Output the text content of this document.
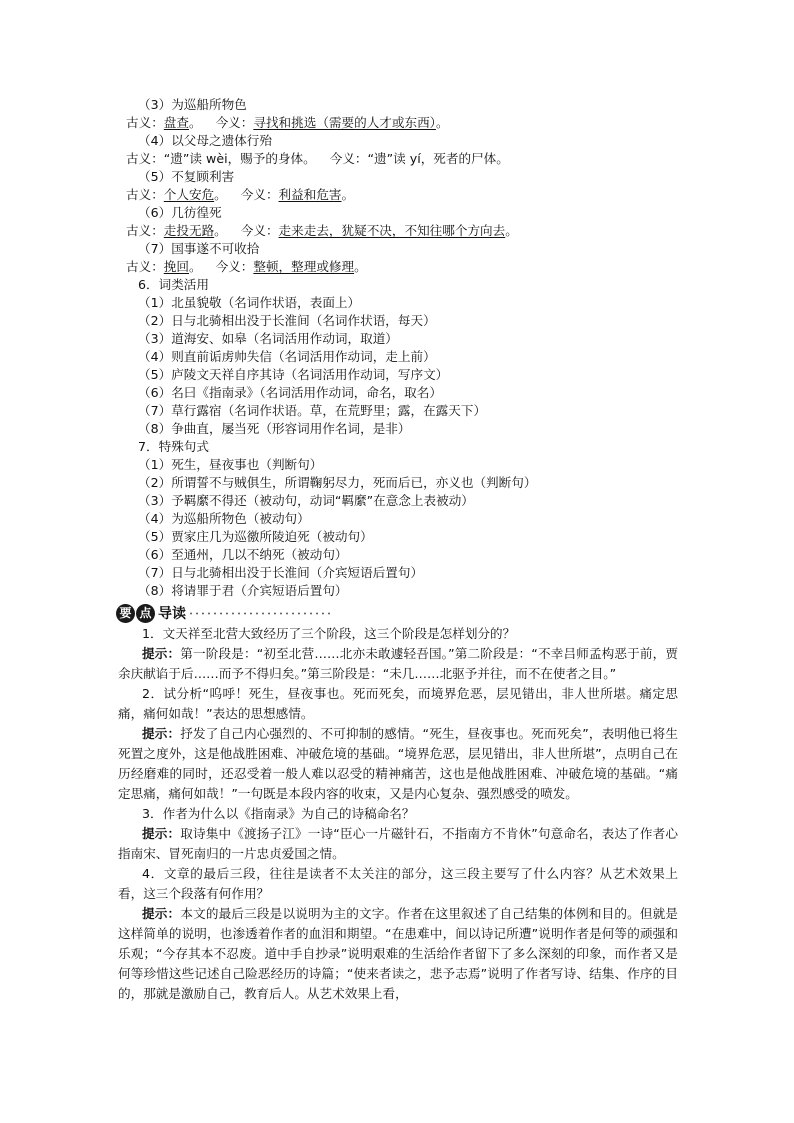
（3）为巡船所物色
古义：盘查。 今义：寻找和挑选（需要的人才或东西）。
（4）以父母之遗体行殆
古义：“遗”读 wèi，赐予的身体。 今义：“遗”读 yí，死者的尸体。
（5）不复顾利害
古义：个人安危。 今义：利益和危害。
（6）几彷徨死
古义：走投无路。 今义：走来走去，犹疑不决，不知往哪个方向去。
（7）国事遂不可收拾
古义：挽回。 今义：整顿，整理或修理。
6．词类活用
（1）北虽貌敬（名词作状语，表面上）
（2）日与北骑相出没于长淮间（名词作状语，每天）
（3）道海安、如皋（名词活用作动词，取道）
（4）则直前诟虏帅失信（名词活用作动词，走上前）
（5）庐陵文天祥自序其诗（名词活用作动词，写序文）
（6）名曰《指南录》（名词活用作动词，命名，取名）
（7）草行露宿（名词作状语。草，在荒野里；露，在露天下）
（8）争曲直，屡当死（形容词用作名词，是非）
7．特殊句式
（1）死生，昼夜事也（判断句）
（2）所谓誓不与贼俱生，所谓鞠躬尽力，死而后已，亦义也（判断句）
（3）予羁縻不得还（被动句，动词“羁縻”在意念上表被动）
（4）为巡船所物色（被动句）
（5）贾家庄几为巡徼所陵迫死（被动句）
（6）至通州，几以不纳死（被动句）
（7）日与北骑相出没于长淮间（介宾短语后置句）
（8）将请罪于君（介宾短语后置句）
要 点 导读

1．文天祥至北营大致经历了三个阶段，这三个阶段是怎样划分的？

提示：第一阶段是：“初至北营……北亦未敢遽轻吾国。”第二阶段是：“不幸吕师孟构恶于前，贾余庆献谄于后……而予不得归矣。”第三阶段是：“未几……北驱予并往，而不在使者之目。”

2．试分析“呜呼！死生，昼夜事也。死而死矣，而境界危恶，层见错出，非人世所堪。痛定思痛，痛何如哉！”表达的思想感情。

提示：抒发了自己内心强烈的、不可抑制的感情。“死生，昼夜事也。死而死矣”，表明他已将生死置之度外，这是他战胜困难、冲破危境的基础。“境界危恶，层见错出，非人世所堪”，点明自己在历经磨难的同时，还忍受着一般人难以忍受的精神痛苦，这也是他战胜困难、冲破危境的基础。“痛定思痛，痛何如哉！”一句既是本段内容的收束，又是内心复杂、强烈感受的喷发。

3．作者为什么以《指南录》为自己的诗稿命名？

提示：取诗集中《渡扬子江》一诗“臣心一片磁针石，不指南方不肯休”句意命名，表达了作者心指南宋、冒死南归的一片忠贞爱国之情。

4．文章的最后三段，往往是读者不太关注的部分，这三段主要写了什么内容？从艺术效果上看，这三个段落有何作用？

提示：本文的最后三段是以说明为主的文字。作者在这里叙述了自己结集的体例和目的。但就是这样简单的说明，也渗透着作者的血泪和期望。“在患难中，间以诗记所遭”说明作者是何等的顽强和乐观；“今存其本不忍废。道中手自抄录”说明艰难的生活给作者留下了多么深刻的印象，而作者又是何等珍惜这些记述自己险恶经历的诗篇；“使来者读之，悲予志焉”说明了作者写诗、结集、作序的目的，那就是激励自己，教育后人。从艺术效果上看，
